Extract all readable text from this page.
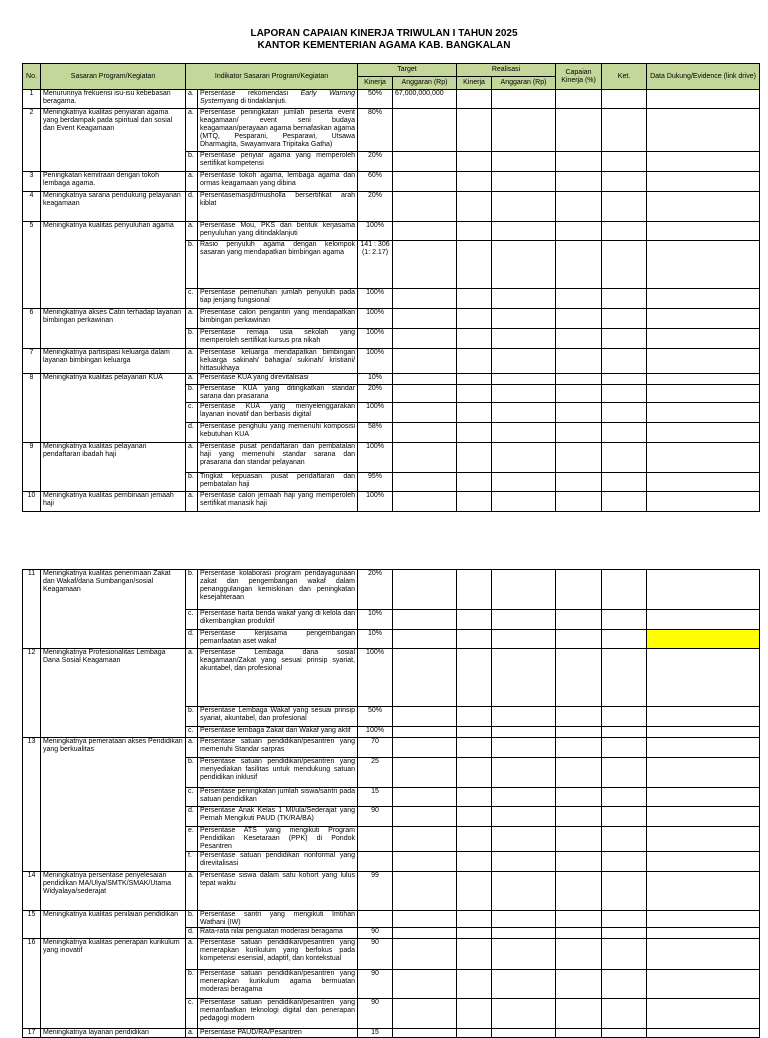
LAPORAN CAPAIAN KINERJA TRIWULAN I TAHUN 2025
KANTOR KEMENTERIAN AGAMA KAB. BANGKALAN
No.	Sasaran Program/Kegiatan	Indikator Sasaran Program/Kegiatan		Target		Realisasi		Capaian Kinerja (%)	Ket.	Data Dukung/Evidence (link drive)
				Kinerja	Anggaran (Rp)	Kinerja	Anggaran (Rp)			
1	Menurunnya frekuensi isu-isu kebebasan beragama.	a.	Persentase rekomendasi Early Warning Systemyang di tindaklanjuti.	50%	67,000,000,000					
2	Meningkatnya kualitas penyiaran agama yang berdampak pada spiritual dan sosial dan Event Keagamaan	a.	Persentase peningkatan jumlah peserta event keagamaan/ event seni budaya keagamaan/perayaan agama bernafaskan agama (MTQ, Pesparani, Pesparawi, Utsawa Dharmagita, Swayamvara Tripitaka Gatha)	80%						
		b.	Persentase penyiar agama yang memperoleh sertifikat kompetensi	20%						
3	Peningkatan kemitraan dengan tokoh lembaga agama.	a.	Persentase tokoh agama, lembaga agama dan ormas keagamaan yang dibina	60%						
4	Meningkatnya sarana pendukung pelayanan keagamaan	d.	Persentasemasjid/musholla bersertifikat arah kiblat	20%						
5	Meningkatnya kualitas penyuluhan agama	a.	Persentase Mou, PKS dan bentuk kerjasama penyuluhan yang ditindaklanjuti	100%						
		b.	Rasio penyuluh agama dengan kelompok sasaran yang mendapatkan bimbingan agama	141 : 306 (1: 2.17)						
		c.	Persentase pemenuhan jumlah penyuluh pada tiap jenjang fungsional	100%						
6	Meningkatnya akses Catin terhadap layanan bimbingan perkawinan	a.	Presentase calon pengantin yang mendapatkan bimbingan perkawinan	100%						
		b.	Persentase remaja usia sekolah yang memperoleh sertifikat kursus pra nikah	100%						
7	Meningkatnya partisipasi keluarga dalam layanan bimbingan keluarga	a.	Persentase keluarga mendapatkan bimbingan keluarga sakinah/ bahagia/ sukinah/ kristiani/ hittasukhaya	100%						
8	Meningkatnya kualitas pelayanan KUA	a.	Persentase KUA yang direvitalisasi	10%						
		b.	Persentase KUA yang ditingkatkan standar sarana dan prasarana	20%						
		c.	Persentase KUA yang menyelenggarakan layanan inovatif dan berbasis digital	100%						
		d.	Persentase penghulu yang memenuhi komposisi kebutuhan KUA	58%						
9	Meningkatnya kualitas pelayanan pendaftaran ibadah haji	a.	Persentase pusat pendaftaran dan pembatalan haji yang memenuhi standar sarana dan prasarana dan standar pelayanan	100%						
		b.	Tingkat kepuasan pusat pendaftaran dan pembatalan haji	95%						
10	Meningkatnya kualitas pembinaan jemaah haji	a.	Persentase calon jemaah haji yang memperoleh sertifikat manasik haji	100%						
11	Meningkatnya kualitas penerimaan Zakat dan Wakaf/dana Sumbangan/sosial Keagamaan	b.	Persentase kolaborasi program pendayagunaan zakat dan pengembangan wakaf dalam penanggulangan kemiskinan dan peningkatan kesejahteraan	20%						
		c.	Persentase harta benda wakaf yang di kelola dan dikembangkan produktif	10%						
		d.	Persentase kerjasama pengembangan pemanfaatan aset wakaf	10%						
12	Meningkatnya Profesionalitas Lembaga Dana Sosial Keagamaan	a.	Persentase Lembaga dana sosial keagamaan/Zakat yang sesuai prinsip syariat, akuntabel, dan profesional	100%						
		b.	Persentase Lembaga Wakaf yang sesuai prinsip syariat, akuntabel, dan profesional	50%						
		c.	Persentase lembaga Zakat dan Wakaf yang aktif	100%						
13	Meningkatnya pemerataan akses Pendidikan yang berkualitas	a.	Persentase satuan pendidikan/pesantren yang memenuhi Standar sarpras	70						
		b.	Persentase satuan pendidikan/pesantren yang menyediakan fasilitas untuk mendukung satuan pendidikan inklusif	25						
		c.	Persentase peningkatan jumlah siswa/santri pada satuan pendidikan	15						
		d.	Persentase Anak Kelas 1 MI/ula/Sederajat yang Pernah Mengikuti PAUD (TK/RA/BA)	90						
		e.	Persentase ATS yang mengikuti Program Pendidikan Kesetaraan (PPK) di Pondok Pesantren							
		f.	Persentase satuan pendidikan nonformal yang direvitalisasi							
14	Meningkatnya persentase penyelesaian pendidikan MA/Ulya/SMTK/SMAK/Utama Widyalaya/sederajat	a.	Persentase siswa dalam satu kohort yang lulus tepat waktu	99						
15	Meningkatnya kualitas penilaian pendidikan	b.	Persentase santri yang mengikuti Imtihan Wathani (IW)							
		d.	Rata-rata nilai penguatan moderasi beragama	90						
16	Meningkatnya kualitas penerapan kurikulum yang inovatif	a.	Persentase satuan pendidikan/pesantren yang menerapkan kurikulum yang berfokus pada kompetensi esensial, adaptif, dan kontekstual	90						
		b.	Persentase satuan pendidikan/pesantren yang menerapkan kurikulum agama bermuatan moderasi beragama	90						
		c.	Persentase satuan pendidikan/pesantren yang memanfaatkan teknologi digital dan penerapan pedagogi modern	90						
17	Meningkatnya layanan pendidikan	a.	Persentase PAUD/RA/Pesantren	15						
